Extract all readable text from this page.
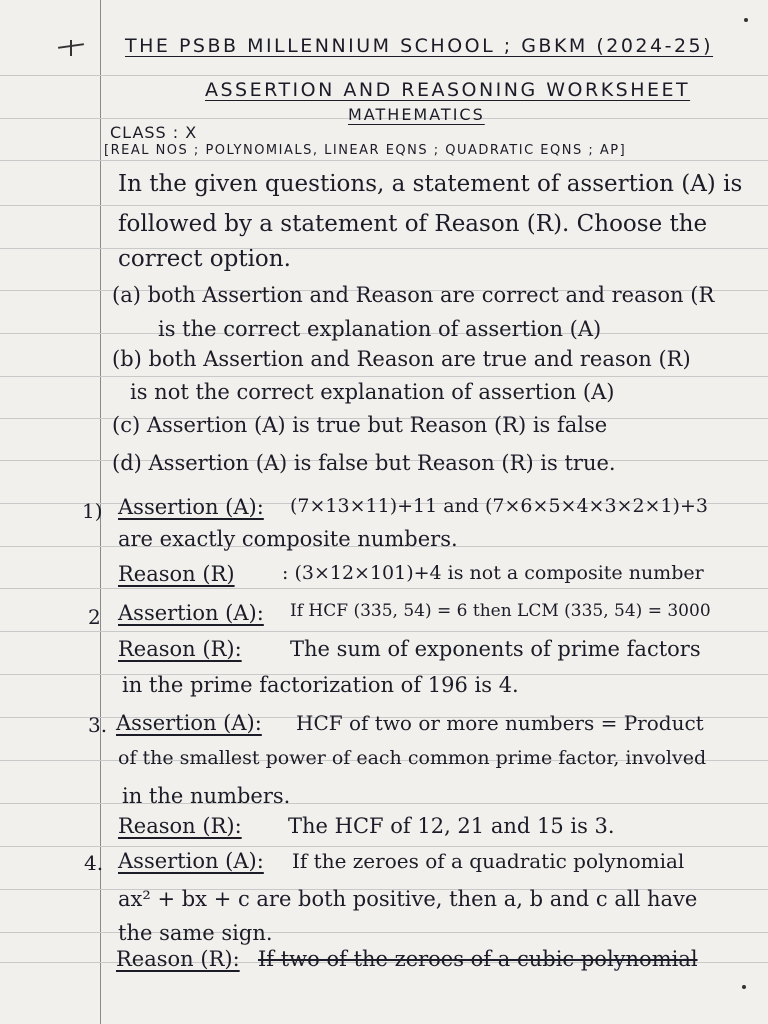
THE PSBB MILLENNIUM SCHOOL ; GBKM (2024-25)
ASSERTION AND REASONING WORKSHEET
MATHEMATICS
CLASS : X
[REAL NOS ; POLYNOMIALS, LINEAR EQNS ; QUADRATIC EQNS ; AP]
In the given questions, a statement of assertion (A) is
followed by a statement of Reason (R). Choose the
correct option.
(a) both Assertion and Reason are correct and reason (R
is the correct explanation of assertion (A)
(b) both Assertion and Reason are true and reason (R)
is not the correct explanation of assertion (A)
(c) Assertion (A) is true but Reason (R) is false
(d) Assertion (A) is false but Reason (R) is true.
1) Assertion (A): (7×13×11)+11 and (7×6×5×4×3×2×1)+3
are exactly composite numbers.
Reason (R) : (3×12×101)+4 is not a composite number
2 Assertion (A): If HCF (335, 54) = 6 then LCM (335, 54) = 3000
Reason (R): The sum of exponents of prime factors
in the prime factorization of 196 is 4.
3. Assertion (A): HCF of two or more numbers = Product
of the smallest power of each common prime factor, involved
in the numbers.
Reason (R): The HCF of 12, 21 and 15 is 3.
4. Assertion (A): If the zeroes of a quadratic polynomial
ax² + bx + c are both positive, then a, b and c all have
the same sign.
Reason (R): If two of the zeroes of a cubic polynomial
